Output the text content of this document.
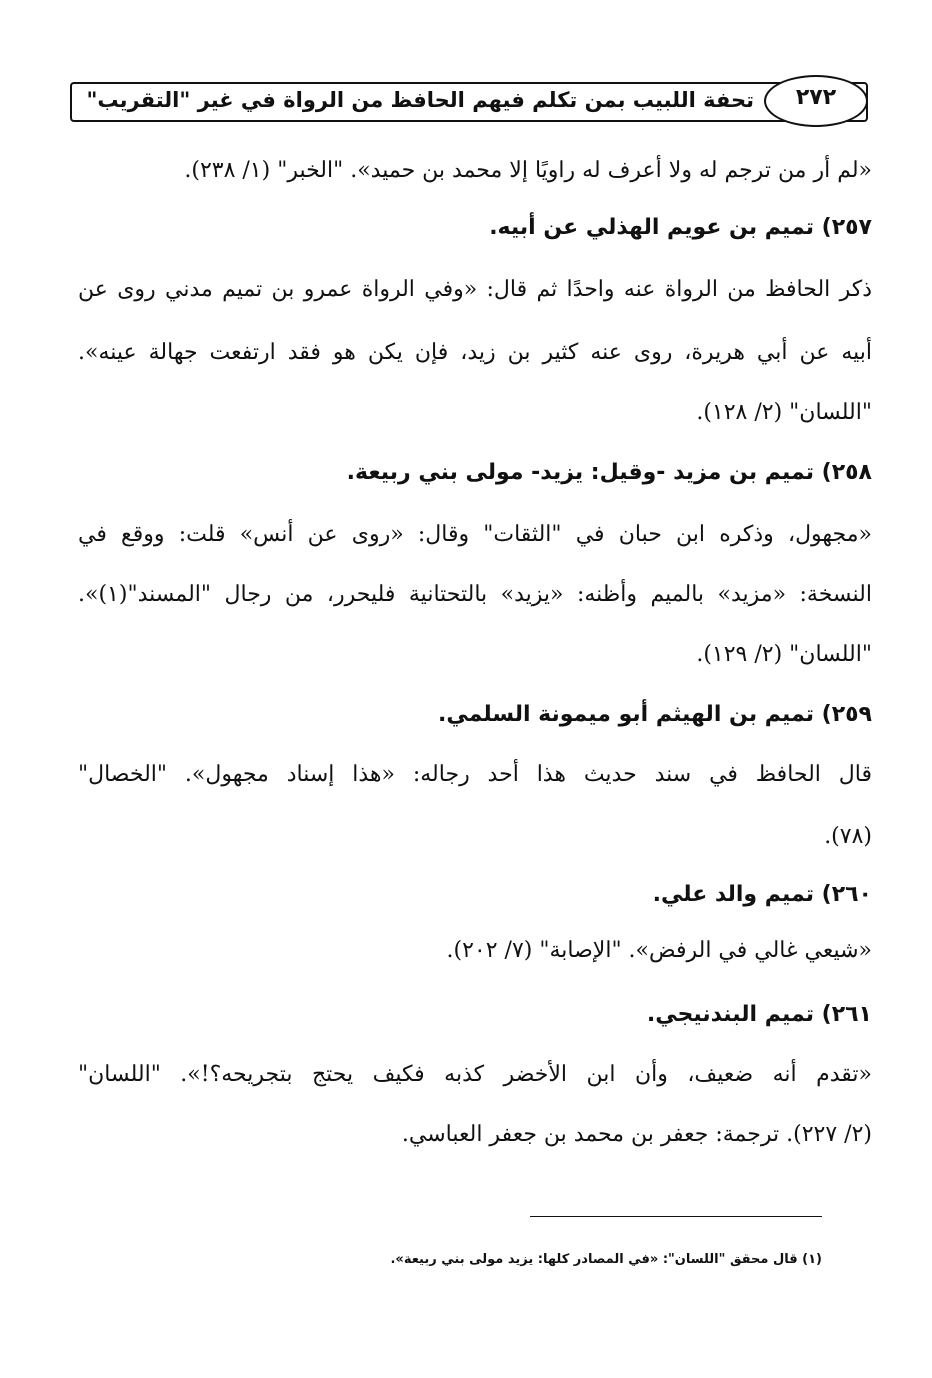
تحفة اللبيب بمن تكلم فيهم الحافظ من الرواة في غير "التقريب"	٢٧٢
«لم أر من ترجم له ولا أعرف له راويًا إلا محمد بن حميد». "الخبر" (١/ ٢٣٨).
٢٥٧) تميم بن عويم الهذلي عن أبيه.
ذكر الحافظ من الرواة عنه واحدًا ثم قال: «وفي الرواة عمرو بن تميم مدني روى عن
أبيه عن أبي هريرة، روى عنه كثير بن زيد، فإن يكن هو فقد ارتفعت جهالة عينه».
"اللسان" (٢/ ١٢٨).
٢٥٨) تميم بن مزيد -وقيل: يزيد- مولى بني ربيعة.
«مجهول، وذكره ابن حبان في "الثقات" وقال: «روى عن أنس» قلت: ووقع في
النسخة: «مزيد» بالميم وأظنه: «يزيد» بالتحتانية فليحرر، من رجال "المسند"(١)».
"اللسان" (٢/ ١٢٩).
٢٥٩) تميم بن الهيثم أبو ميمونة السلمي.
قال الحافظ في سند حديث هذا أحد رجاله: «هذا إسناد مجهول». "الخصال"
(٧٨).
٢٦٠) تميم والد علي.
«شيعي غالي في الرفض». "الإصابة" (٧/ ٢٠٢).
٢٦١) تميم البندنيجي.
«تقدم أنه ضعيف، وأن ابن الأخضر كذبه فكيف يحتج بتجريحه؟!». "اللسان"
(٢/ ٢٢٧). ترجمة: جعفر بن محمد بن جعفر العباسي.
(١) قال محقق "اللسان": «في المصادر كلها: يزيد مولى بني ربيعة».
